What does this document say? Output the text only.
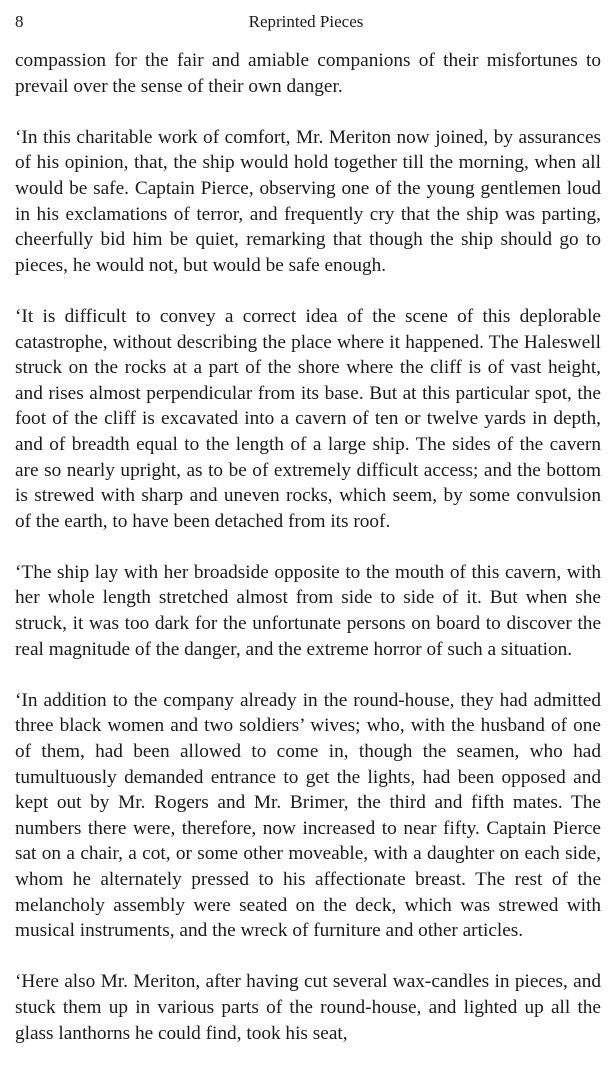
8	Reprinted Pieces

compassion for the fair and amiable companions of their misfortunes to prevail over the sense of their own danger.

‘In this charitable work of comfort, Mr. Meriton now joined, by assurances of his opinion, that, the ship would hold together till the morning, when all would be safe. Captain Pierce, observing one of the young gentlemen loud in his exclamations of terror, and frequently cry that the ship was parting, cheerfully bid him be quiet, remarking that though the ship should go to pieces, he would not, but would be safe enough.

‘It is difficult to convey a correct idea of the scene of this deplorable catastrophe, without describing the place where it happened. The Haleswell struck on the rocks at a part of the shore where the cliff is of vast height, and rises almost perpendicular from its base. But at this particular spot, the foot of the cliff is excavated into a cavern of ten or twelve yards in depth, and of breadth equal to the length of a large ship. The sides of the cavern are so nearly upright, as to be of extremely difficult access; and the bottom is strewed with sharp and uneven rocks, which seem, by some convulsion of the earth, to have been detached from its roof.

‘The ship lay with her broadside opposite to the mouth of this cavern, with her whole length stretched almost from side to side of it. But when she struck, it was too dark for the unfortunate persons on board to discover the real magnitude of the danger, and the extreme horror of such a situation.

‘In addition to the company already in the round-house, they had admitted three black women and two soldiers’ wives; who, with the husband of one of them, had been allowed to come in, though the seamen, who had tumultuously demanded entrance to get the lights, had been opposed and kept out by Mr. Rogers and Mr. Brimer, the third and fifth mates. The numbers there were, therefore, now increased to near fifty. Captain Pierce sat on a chair, a cot, or some other moveable, with a daughter on each side, whom he alternately pressed to his affectionate breast. The rest of the melancholy assembly were seated on the deck, which was strewed with musical instruments, and the wreck of furniture and other articles.

‘Here also Mr. Meriton, after having cut several wax-candles in pieces, and stuck them up in various parts of the round-house, and lighted up all the glass lanthorns he could find, took his seat,
